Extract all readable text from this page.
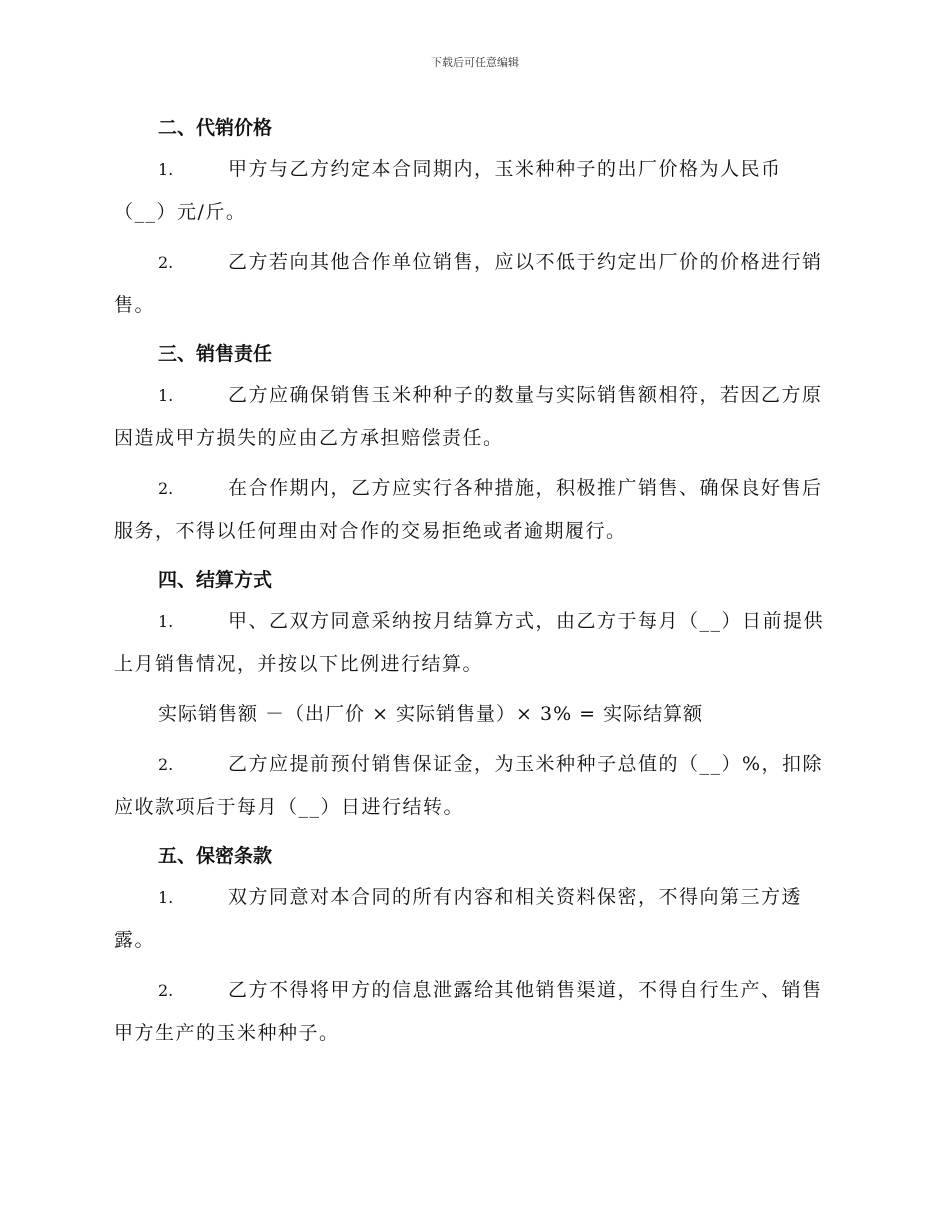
下载后可任意编辑
二、代销价格

1.	甲方与乙方约定本合同期内，玉米种种子的出厂价格为人民币（__）元/斤。

2.	乙方若向其他合作单位销售，应以不低于约定出厂价的价格进行销售。

三、销售责任

1.	乙方应确保销售玉米种种子的数量与实际销售额相符，若因乙方原因造成甲方损失的应由乙方承担赔偿责任。

2.	在合作期内，乙方应实行各种措施，积极推广销售、确保良好售后服务，不得以任何理由对合作的交易拒绝或者逾期履行。

四、结算方式

1.	甲、乙双方同意采纳按月结算方式，由乙方于每月（__）日前提供上月销售情况，并按以下比例进行结算。

实际销售额 －（出厂价 × 实际销售量）× 3% = 实际结算额

2.	乙方应提前预付销售保证金，为玉米种种子总值的（__）%，扣除应收款项后于每月（__）日进行结转。

五、保密条款

1.	双方同意对本合同的所有内容和相关资料保密，不得向第三方透露。

2.	乙方不得将甲方的信息泄露给其他销售渠道，不得自行生产、销售甲方生产的玉米种种子。
